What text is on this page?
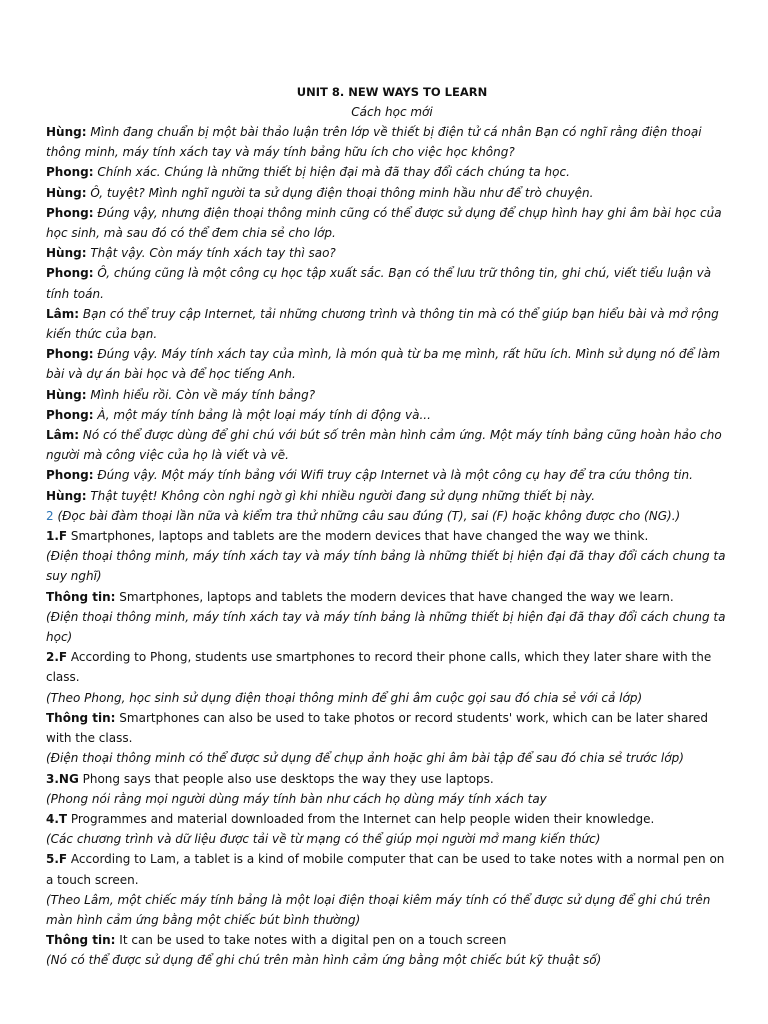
UNIT 8. NEW WAYS TO LEARN

Cách học mới

Hùng: Mình đang chuẩn bị một bài thảo luận trên lớp về thiết bị điện tử cá nhân Bạn có nghĩ rằng điện thoại thông minh, máy tính xách tay và máy tính bảng hữu ích cho việc học không?

Phong: Chính xác. Chúng là những thiết bị hiện đại mà đã thay đổi cách chúng ta học.

Hùng: Ô, tuyệt? Mình nghĩ người ta sử dụng điện thoại thông minh hầu như để trò chuyện.

Phong: Đúng vậy, nhưng điện thoại thông minh cũng có thể được sử dụng để chụp hình hay ghi âm bài học của học sinh, mà sau đó có thể đem chia sẻ cho lớp.

Hùng: Thật vậy. Còn máy tính xách tay thì sao?

Phong: Ô, chúng cũng là một công cụ học tập xuất sắc. Bạn có thể lưu trữ thông tin, ghi chú, viết tiểu luận và tính toán.

Lâm: Bạn có thể truy cập Internet, tải những chương trình và thông tin mà có thể giúp bạn hiểu bài và mở rộng kiến thức của bạn.

Phong: Đúng vậy. Máy tính xách tay của mình, là món quà từ ba mẹ mình, rất hữu ích. Mình sử dụng nó để làm bài và dự án bài học và để học tiếng Anh.

Hùng: Mình hiểu rồi. Còn về máy tính bảng?

Phong: À, một máy tính bảng là một loại máy tính di động và...

Lâm: Nó có thể được dùng để ghi chú với bút số trên màn hình cảm ứng. Một máy tính bảng cũng hoàn hảo cho người mà công việc của họ là viết và vẽ.

Phong: Đúng vậy. Một máy tính bảng với Wifi truy cập Internet và là một công cụ hay để tra cứu thông tin.

Hùng: Thật tuyệt! Không còn nghi ngờ gì khi nhiều người đang sử dụng những thiết bị này.

2 (Đọc bài đàm thoại lần nữa và kiểm tra thử những câu sau đúng (T), sai (F) hoặc không được cho (NG).)

1.F Smartphones, laptops and tablets are the modern devices that have changed the way we think.

(Điện thoại thông minh, máy tính xách tay và máy tính bảng là những thiết bị hiện đại đã thay đổi cách chung ta suy nghĩ)

Thông tin: Smartphones, laptops and tablets the modern devices that have changed the way we learn.

(Điện thoại thông minh, máy tính xách tay và máy tính bảng là những thiết bị hiện đại đã thay đổi cách chung ta học)

2.F According to Phong, students use smartphones to record their phone calls, which they later share with the class.

(Theo Phong, học sinh sử dụng điện thoại thông minh để ghi âm cuộc gọi sau đó chia sẻ với cả lớp)

Thông tin: Smartphones can also be used to take photos or record students' work, which can be later shared with the class.

(Điện thoại thông minh có thể được sử dụng để chụp ảnh hoặc ghi âm bài tập để sau đó chia sẻ trước lớp)

3.NG Phong says that people also use desktops the way they use laptops.

(Phong nói rằng mọi người dùng máy tính bàn như cách họ dùng máy tính xách tay

4.T Programmes and material downloaded from the Internet can help people widen their knowledge.

(Các chương trình và dữ liệu được tải về từ mạng có thể giúp mọi người mở mang kiến thức)

5.F According to Lam, a tablet is a kind of mobile computer that can be used to take notes with a normal pen on a touch screen.

(Theo Lâm, một chiếc máy tính bảng là một loại điện thoại kiêm máy tính có thể được sử dụng để ghi chú trên màn hình cảm ứng bằng một chiếc bút bình thường)

Thông tin: It can be used to take notes with a digital pen on a touch screen

(Nó có thể được sử dụng để ghi chú trên màn hình cảm ứng bằng một chiếc bút kỹ thuật số)
